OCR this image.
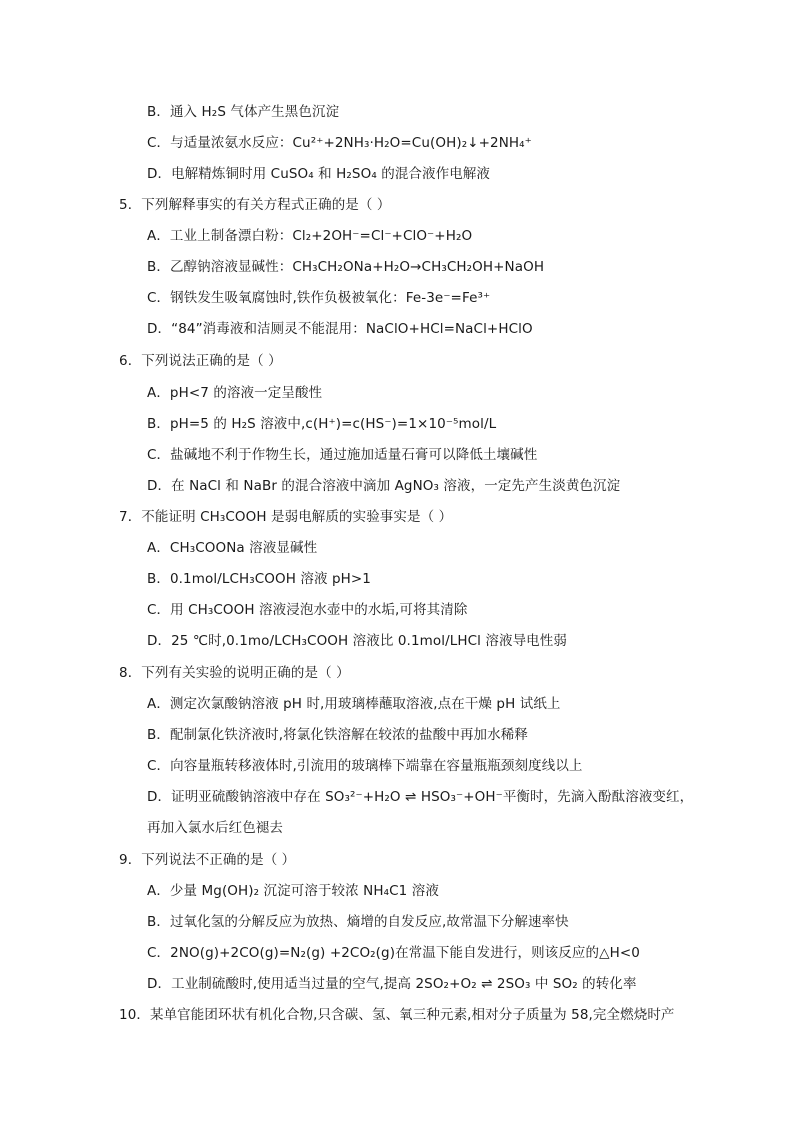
B．通入 H₂S 气体产生黑色沉淀
C．与适量浓氨水反应：Cu²⁺+2NH₃·H₂O=Cu(OH)₂↓+2NH₄⁺
D．电解精炼铜时用 CuSO₄ 和 H₂SO₄ 的混合液作电解液
5．下列解释事实的有关方程式正确的是（ ）
A．工业上制备漂白粉：Cl₂+2OH⁻=Cl⁻+ClO⁻+H₂O
B．乙醇钠溶液显碱性：CH₃CH₂ONa+H₂O→CH₃CH₂OH+NaOH
C．钢铁发生吸氧腐蚀时,铁作负极被氧化：Fe-3e⁻=Fe³⁺
D．“84”消毒液和洁厕灵不能混用：NaClO+HCl=NaCl+HClO
6．下列说法正确的是（ ）
A．pH<7 的溶液一定呈酸性
B．pH=5 的 H₂S 溶液中,c(H⁺)=c(HS⁻)=1×10⁻⁵mol/L
C．盐碱地不利于作物生长，通过施加适量石膏可以降低土壤碱性
D．在 NaCl 和 NaBr 的混合溶液中滴加 AgNO₃ 溶液，一定先产生淡黄色沉淀
7．不能证明 CH₃COOH 是弱电解质的实验事实是（ ）
A．CH₃COONa 溶液显碱性
B．0.1mol/LCH₃COOH 溶液 pH>1
C．用 CH₃COOH 溶液浸泡水壶中的水垢,可将其清除
D．25 ℃时,0.1mo/LCH₃COOH 溶液比 0.1mol/LHCl 溶液导电性弱
8．下列有关实验的说明正确的是（ ）
A．测定次氯酸钠溶液 pH 时,用玻璃棒蘸取溶液,点在干燥 pH 试纸上
B．配制氯化铁济液时,将氯化铁溶解在较浓的盐酸中再加水稀释
C．向容量瓶转移液体时,引流用的玻璃棒下端靠在容量瓶瓶颈刻度线以上
D．证明亚硫酸钠溶液中存在 SO₃²⁻+H₂O ⇌ HSO₃⁻+OH⁻平衡时，先滴入酚酞溶液变红，
再加入氯水后红色褪去
9．下列说法不正确的是（ ）
A．少量 Mg(OH)₂ 沉淀可溶于较浓 NH₄C1 溶液
B．过氧化氢的分解反应为放热、熵增的自发反应,故常温下分解速率快
C．2NO(g)+2CO(g)=N₂(g) +2CO₂(g)在常温下能自发进行，则该反应的△H<0
D．工业制硫酸时,使用适当过量的空气,提高 2SO₂+O₂ ⇌ 2SO₃ 中 SO₂ 的转化率
10．某单官能团环状有机化合物,只含碳、氢、氧三种元素,相对分子质量为 58,完全燃烧时产
